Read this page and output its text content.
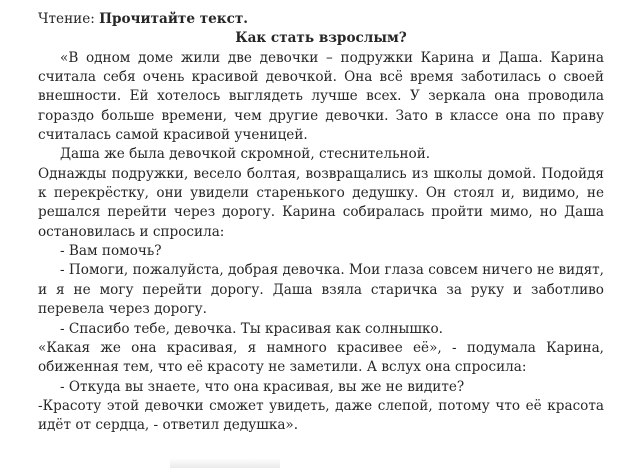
Чтение: Прочитайте текст.

Как стать взрослым?

«В одном доме жили две девочки – подружки Карина и Даша. Карина считала себя очень красивой девочкой. Она всё время заботилась о своей внешности. Ей хотелось выглядеть лучше всех. У зеркала она проводила гораздо больше времени, чем другие девочки. Зато в классе она по праву считалась самой красивой ученицей.

Даша же была девочкой скромной, стеснительной.

Однажды подружки, весело болтая, возвращались из школы домой. Подойдя к перекрёстку, они увидели старенького дедушку. Он стоял и, видимо, не решался перейти через дорогу. Карина собиралась пройти мимо, но Даша остановилась и спросила:

- Вам помочь?

- Помоги, пожалуйста, добрая девочка. Мои глаза совсем ничего не видят, и я не могу перейти дорогу. Даша взяла старичка за руку и заботливо перевела через дорогу.

- Спасибо тебе, девочка. Ты красивая как солнышко.

«Какая же она красивая, я намного красивее её», - подумала Карина, обиженная тем, что её красоту не заметили. А вслух она спросила:

- Откуда вы знаете, что она красивая, вы же не видите?

-Красоту этой девочки сможет увидеть, даже слепой, потому что её красота идёт от сердца, - ответил дедушка».
